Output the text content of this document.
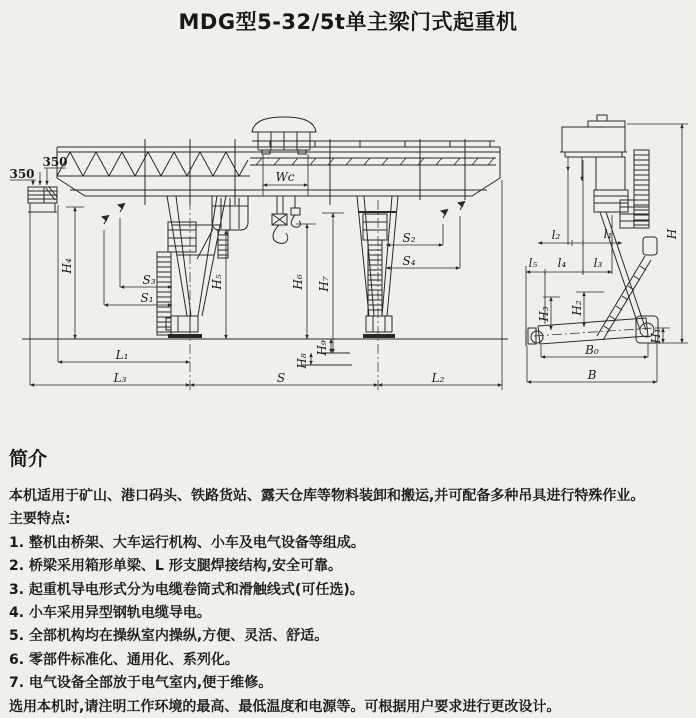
MDG型5-32/5t单主梁门式起重机
350
350
Wc
H₄
S₃
S₁
H₅	H₆ H₇
H₉
H₈
S₂
S₄
L₁
L₃	S	L₂
l₂	l₁
l₅ l₄ l₃
H
H₃ H₂
H₁
B₀
B
简介
本机适用于矿山、港口码头、铁路货站、露天仓库等物料装卸和搬运,并可配备多种吊具进行特殊作业。
主要特点:
1. 整机由桥架、大车运行机构、小车及电气设备等组成。
2. 桥梁采用箱形单梁、L 形支腿焊接结构,安全可靠。
3. 起重机导电形式分为电缆卷筒式和滑触线式(可任选)。
4. 小车采用异型钢轨电缆导电。
5. 全部机构均在操纵室内操纵,方便、灵活、舒适。
6. 零部件标准化、通用化、系列化。
7. 电气设备全部放于电气室内,便于维修。
选用本机时,请注明工作环境的最高、最低温度和电源等。可根据用户要求进行更改设计。
